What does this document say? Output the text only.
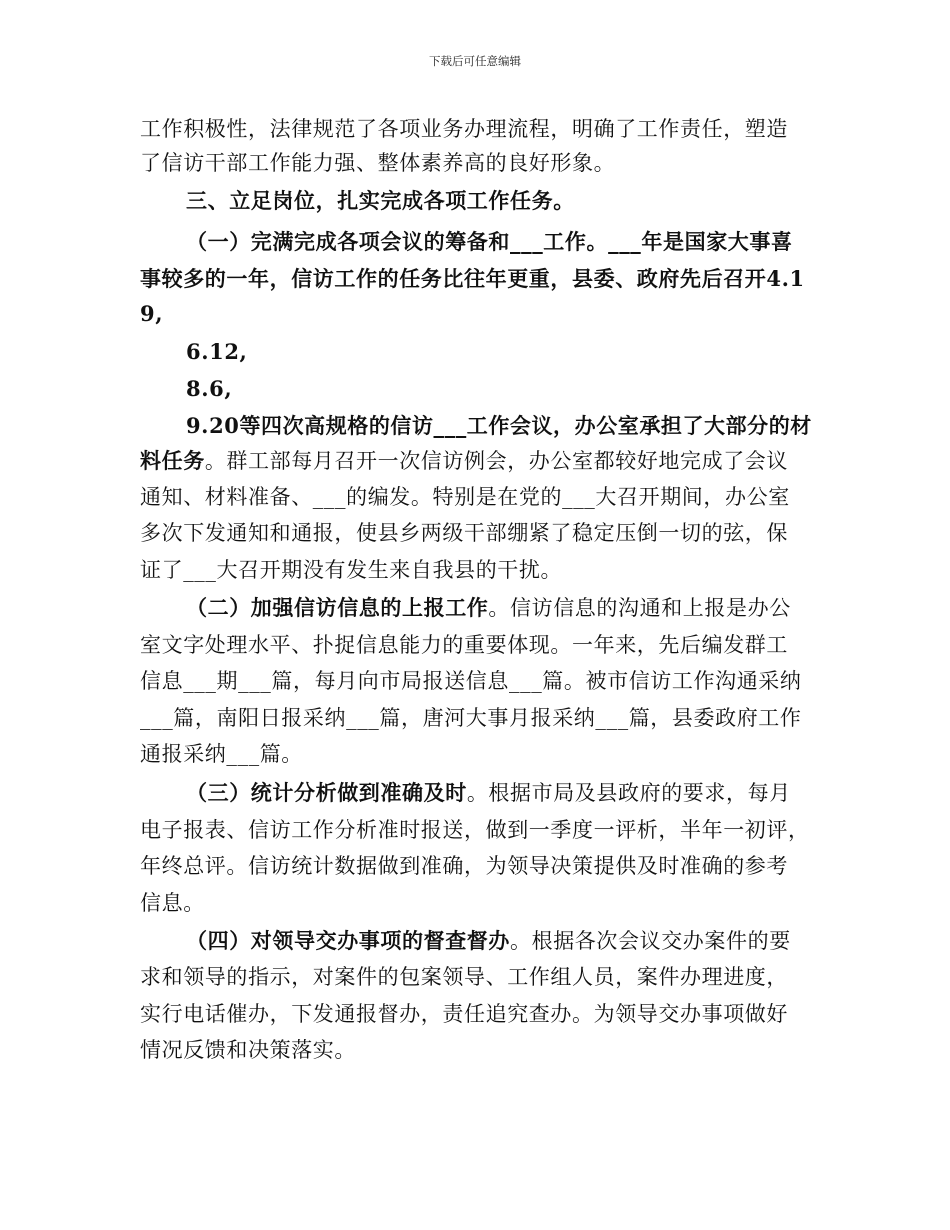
下载后可任意编辑
工作积极性，法律规范了各项业务办理流程，明确了工作责任，塑造
了信访干部工作能力强、整体素养高的良好形象。
三、立足岗位，扎实完成各项工作任务。
（一）完满完成各项会议的筹备和___工作。___年是国家大事喜
事较多的一年，信访工作的任务比往年更重，县委、政府先后召开4.1
9,
6.12,
8.6,
9.20等四次高规格的信访___工作会议，办公室承担了大部分的材
料任务。群工部每月召开一次信访例会，办公室都较好地完成了会议
通知、材料准备、___的编发。特别是在党的___大召开期间，办公室
多次下发通知和通报，使县乡两级干部绷紧了稳定压倒一切的弦，保
证了___大召开期没有发生来自我县的干扰。
（二）加强信访信息的上报工作。信访信息的沟通和上报是办公
室文字处理水平、扑捉信息能力的重要体现。一年来，先后编发群工
信息___期___篇，每月向市局报送信息___篇。被市信访工作沟通采纳
___篇，南阳日报采纳___篇，唐河大事月报采纳___篇，县委政府工作
通报采纳___篇。
（三）统计分析做到准确及时。根据市局及县政府的要求，每月
电子报表、信访工作分析准时报送，做到一季度一评析，半年一初评，
年终总评。信访统计数据做到准确，为领导决策提供及时准确的参考
信息。
（四）对领导交办事项的督查督办。根据各次会议交办案件的要
求和领导的指示，对案件的包案领导、工作组人员，案件办理进度，
实行电话催办，下发通报督办，责任追究查办。为领导交办事项做好
情况反馈和决策落实。
